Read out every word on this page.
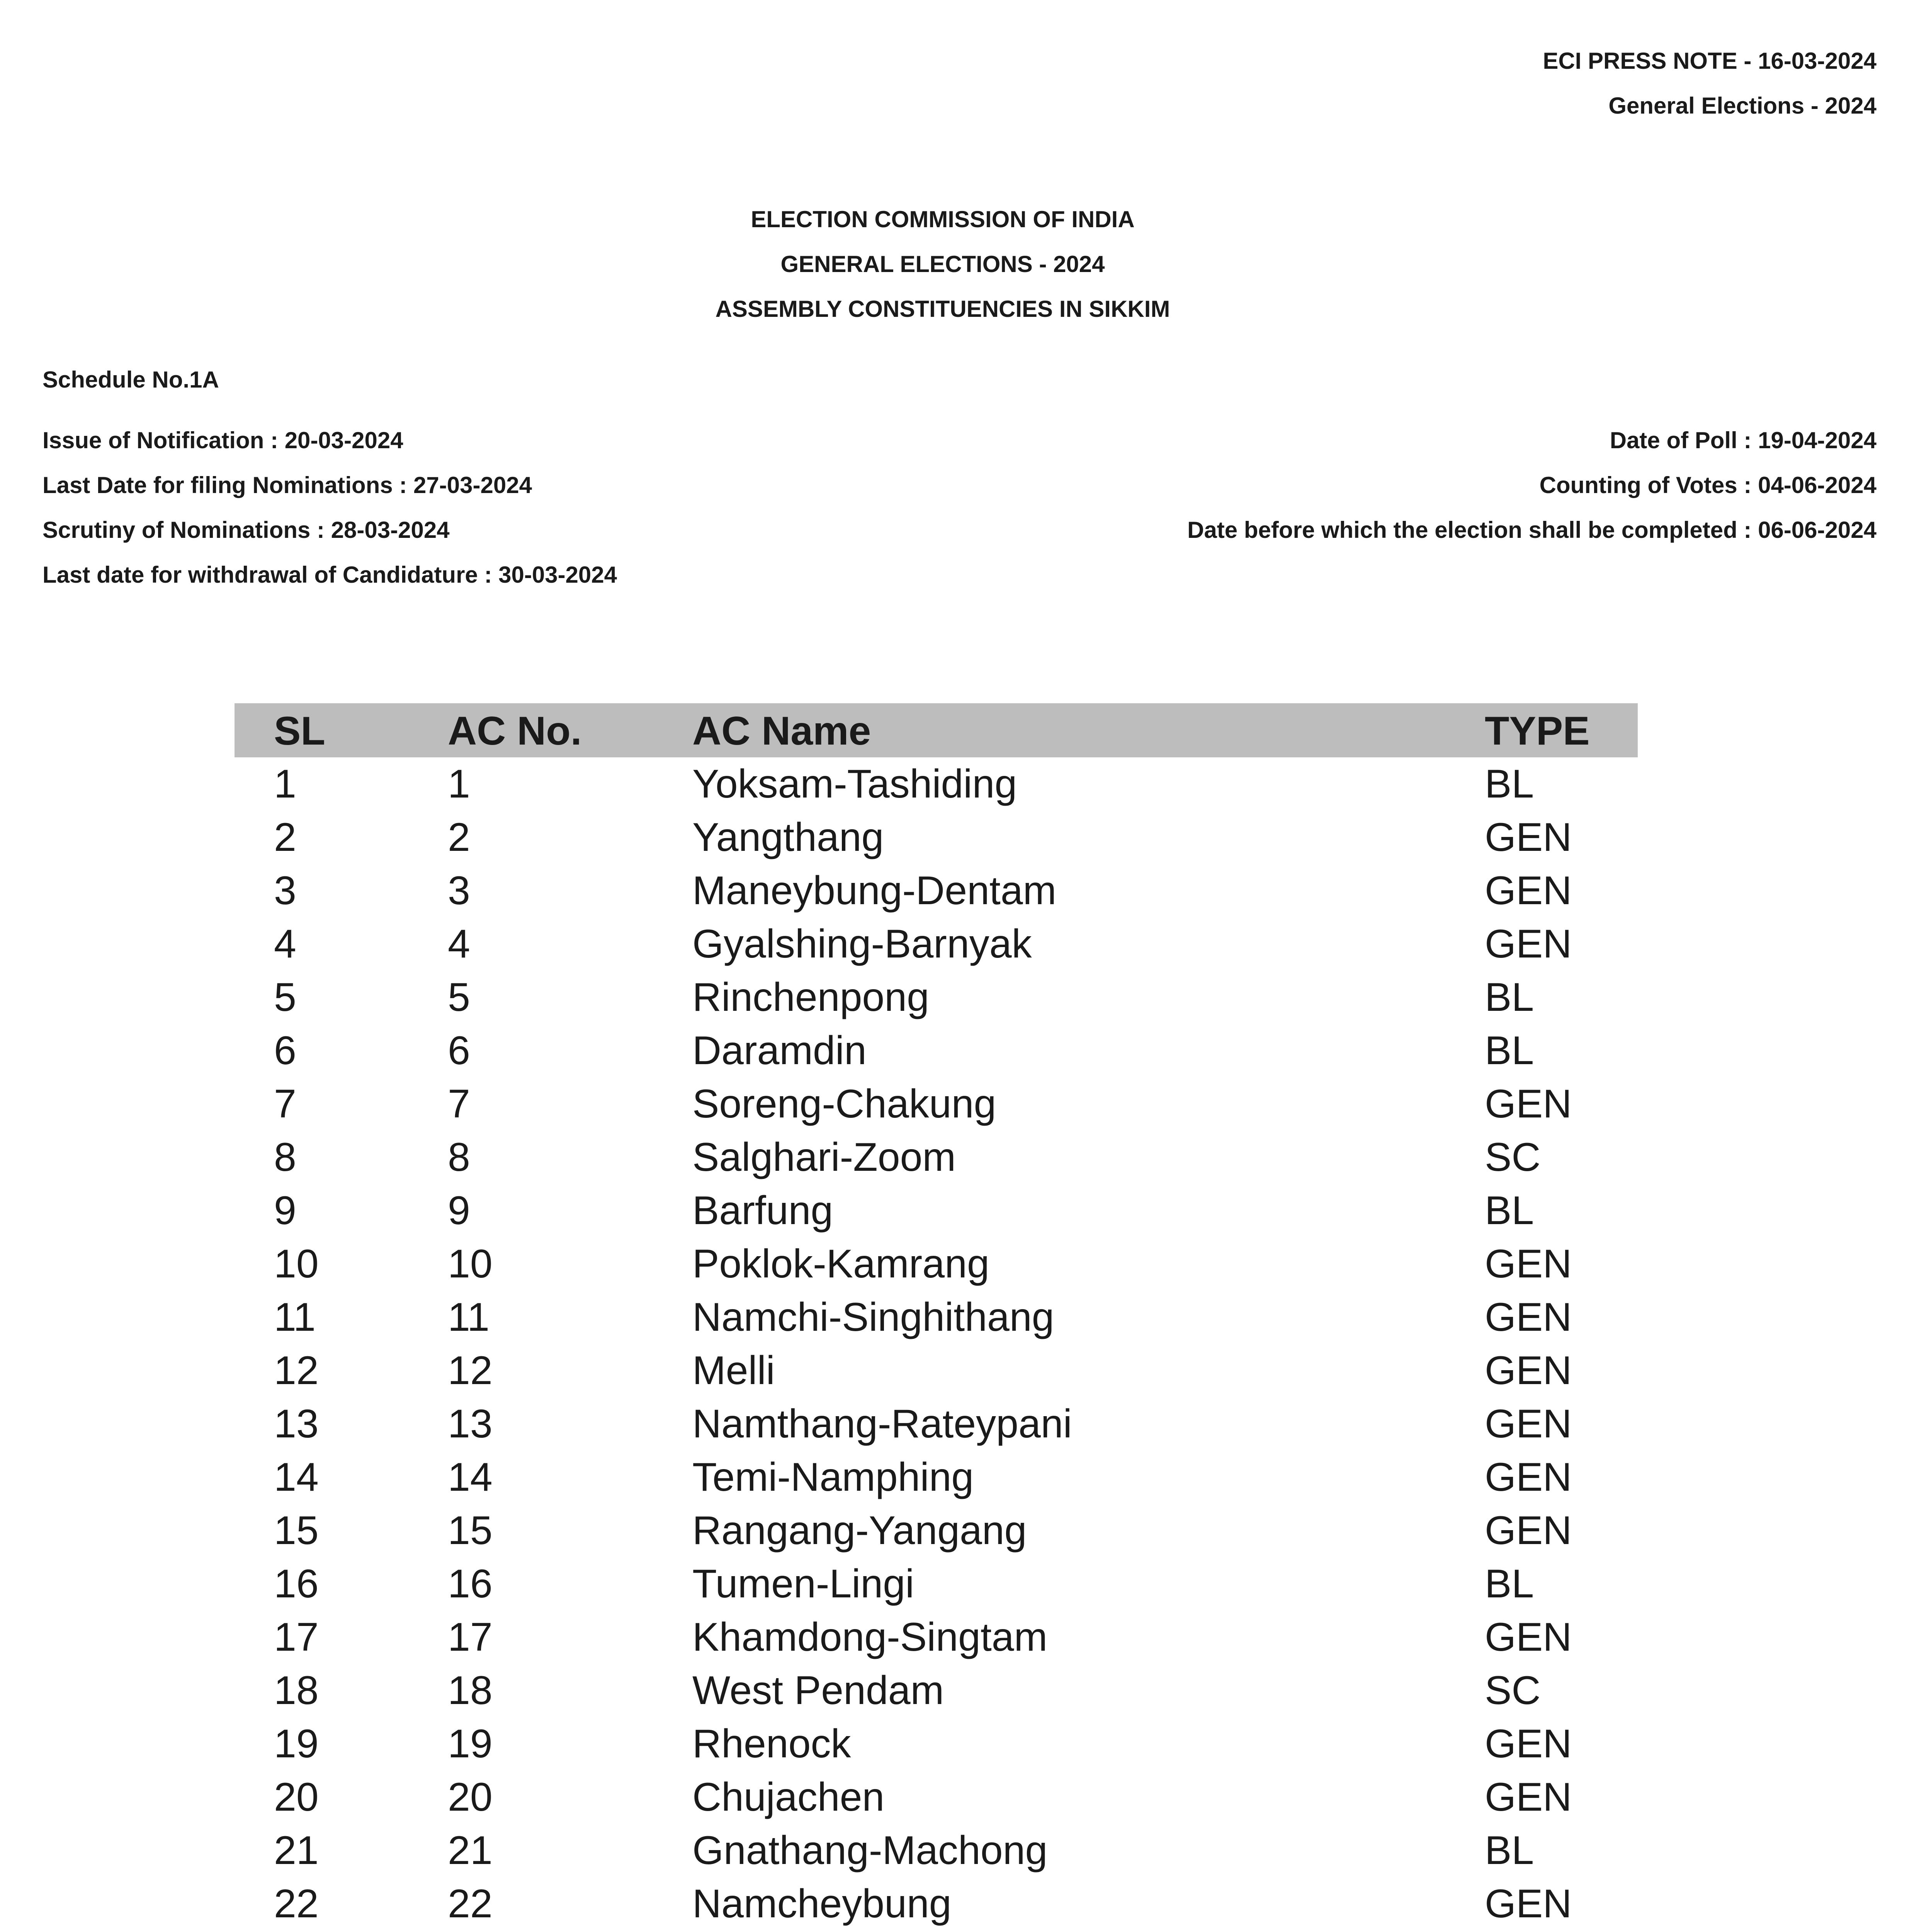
ECI PRESS NOTE - 16-03-2024
General Elections - 2024
ELECTION COMMISSION OF INDIA
GENERAL ELECTIONS - 2024
ASSEMBLY CONSTITUENCIES IN SIKKIM
Schedule No.1A
Issue of Notification : 20-03-2024
Last Date for filing Nominations : 27-03-2024
Scrutiny of Nominations : 28-03-2024
Last date for withdrawal of Candidature : 30-03-2024
Date of Poll : 19-04-2024
Counting of Votes : 04-06-2024
Date before which the election shall be completed : 06-06-2024
SL	AC No.	AC Name	TYPE
1	1	Yoksam-Tashiding	BL
2	2	Yangthang	GEN
3	3	Maneybung-Dentam	GEN
4	4	Gyalshing-Barnyak	GEN
5	5	Rinchenpong	BL
6	6	Daramdin	BL
7	7	Soreng-Chakung	GEN
8	8	Salghari-Zoom	SC
9	9	Barfung	BL
10	10	Poklok-Kamrang	GEN
11	11	Namchi-Singhithang	GEN
12	12	Melli	GEN
13	13	Namthang-Rateypani	GEN
14	14	Temi-Namphing	GEN
15	15	Rangang-Yangang	GEN
16	16	Tumen-Lingi	BL
17	17	Khamdong-Singtam	GEN
18	18	West Pendam	SC
19	19	Rhenock	GEN
20	20	Chujachen	GEN
21	21	Gnathang-Machong	BL
22	22	Namcheybung	GEN
